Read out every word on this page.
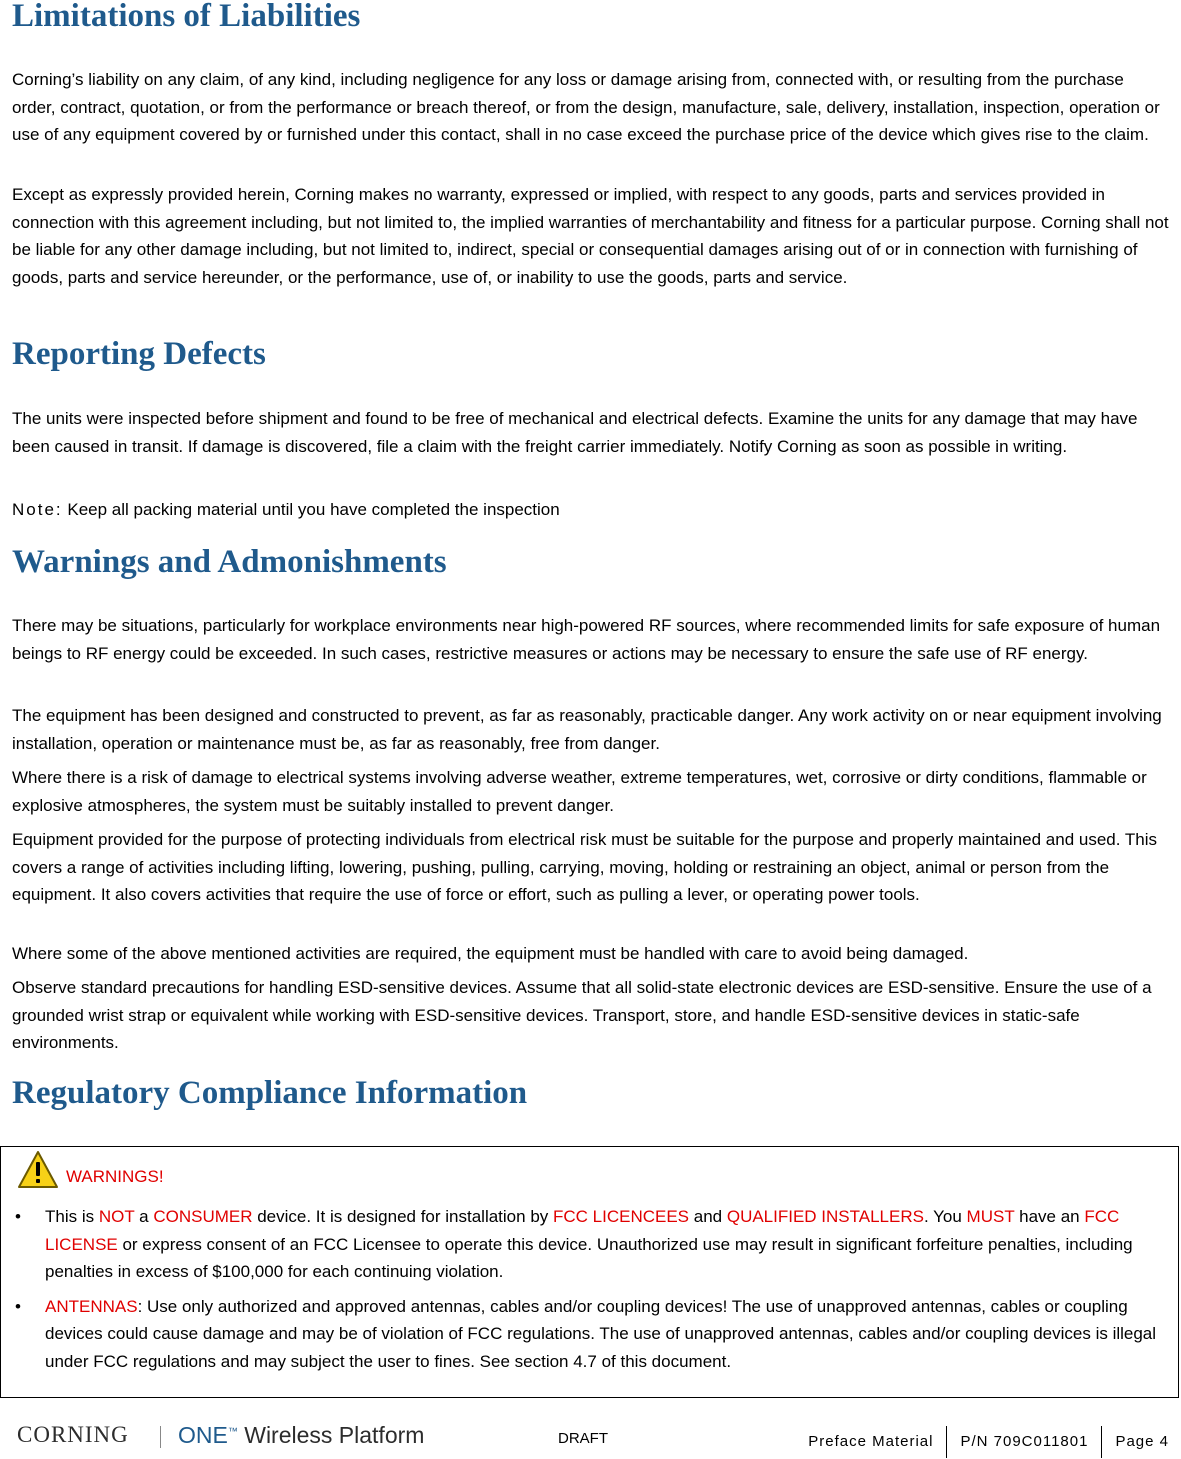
Limitations of Liabilities

Corning’s liability on any claim, of any kind, including negligence for any loss or damage arising from, connected with, or resulting from the purchase order, contract, quotation, or from the performance or breach thereof, or from the design, manufacture, sale, delivery, installation, inspection, operation or use of any equipment covered by or furnished under this contact, shall in no case exceed the purchase price of the device which gives rise to the claim.

Except as expressly provided herein, Corning makes no warranty, expressed or implied, with respect to any goods, parts and services provided in connection with this agreement including, but not limited to, the implied warranties of merchantability and fitness for a particular purpose. Corning shall not be liable for any other damage including, but not limited to, indirect, special or consequential damages arising out of or in connection with furnishing of goods, parts and service hereunder, or the performance, use of, or inability to use the goods, parts and service.

Reporting Defects

The units were inspected before shipment and found to be free of mechanical and electrical defects. Examine the units for any damage that may have been caused in transit. If damage is discovered, file a claim with the freight carrier immediately. Notify Corning as soon as possible in writing.

Note: Keep all packing material until you have completed the inspection

Warnings and Admonishments

There may be situations, particularly for workplace environments near high-powered RF sources, where recommended limits for safe exposure of human beings to RF energy could be exceeded. In such cases, restrictive measures or actions may be necessary to ensure the safe use of RF energy.

The equipment has been designed and constructed to prevent, as far as reasonably, practicable danger. Any work activity on or near equipment involving installation, operation or maintenance must be, as far as reasonably, free from danger.

Where there is a risk of damage to electrical systems involving adverse weather, extreme temperatures, wet, corrosive or dirty conditions, flammable or explosive atmospheres, the system must be suitably installed to prevent danger.

Equipment provided for the purpose of protecting individuals from electrical risk must be suitable for the purpose and properly maintained and used. This covers a range of activities including lifting, lowering, pushing, pulling, carrying, moving, holding or restraining an object, animal or person from the equipment. It also covers activities that require the use of force or effort, such as pulling a lever, or operating power tools.

Where some of the above mentioned activities are required, the equipment must be handled with care to avoid being damaged.

Observe standard precautions for handling ESD-sensitive devices. Assume that all solid-state electronic devices are ESD-sensitive. Ensure the use of a grounded wrist strap or equivalent while working with ESD-sensitive devices. Transport, store, and handle ESD-sensitive devices in static-safe environments.

Regulatory Compliance Information
WARNINGS!
•	This is NOT a CONSUMER device. It is designed for installation by FCC LICENCEES and QUALIFIED INSTALLERS. You MUST have an FCC LICENSE or express consent of an FCC Licensee to operate this device. Unauthorized use may result in significant forfeiture penalties, including penalties in excess of $100,000 for each continuing violation.
•	ANTENNAS: Use only authorized and approved antennas, cables and/or coupling devices! The use of unapproved antennas, cables or coupling devices could cause damage and may be of violation of FCC regulations. The use of unapproved antennas, cables and/or coupling devices is illegal under FCC regulations and may subject the user to fines. See section 4.7 of this document.
CORNING ONE™ Wireless Platform	DRAFT	Preface Material	P/N 709C011801	Page 4
